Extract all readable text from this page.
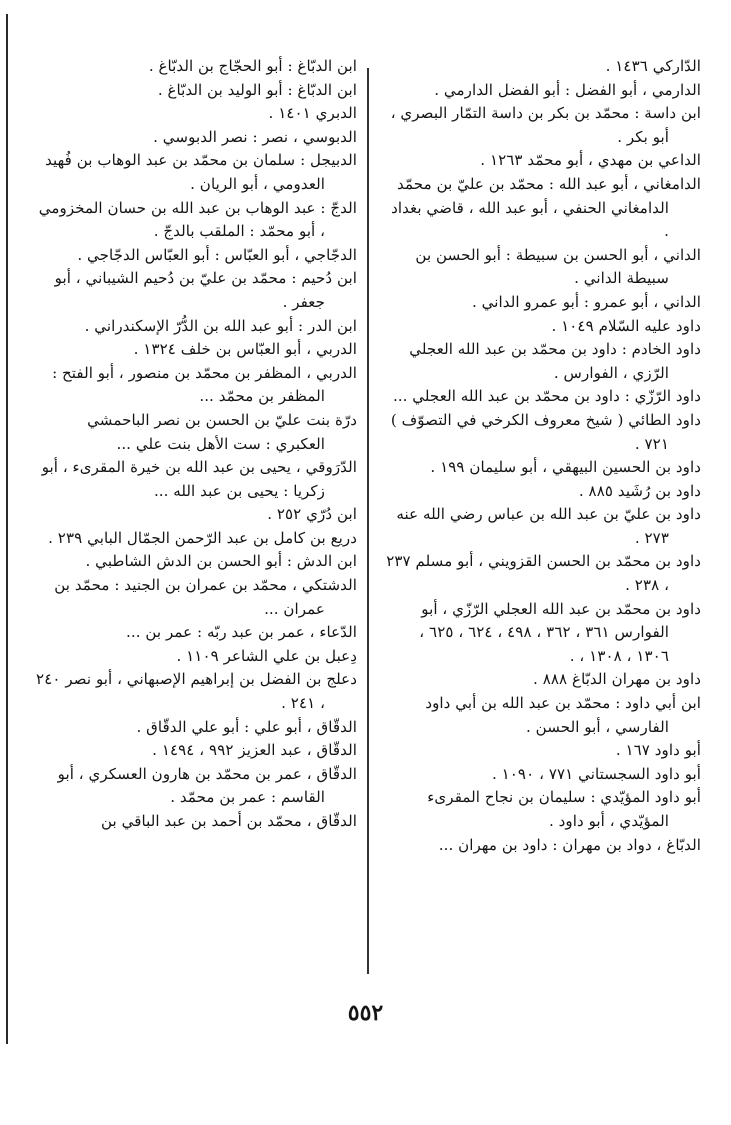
الدّاركي ١٤٣٦ .

الدارمي ، أبو الفضل : أبو الفضل الدارمي .

ابن داسة : محمّد بن بكر بن داسة التمّار البصري ، أبو بكر .

الداعي بن مهدي ، أبو محمّد ١٢٦٣ .

الدامغاني ، أبو عبد الله : محمّد بن عليّ بن محمّد الدامغاني الحنفي ، أبو عبد الله ، قاضي بغداد .

الداني ، أبو الحسن بن سبيطة : أبو الحسن بن سبيطة الداني .

الداني ، أبو عمرو : أبو عمرو الداني .

داود عليه السّلام ١٠٤٩ .

داود الخادم : داود بن محمّد بن عبد الله العجلي الرّزي ، الفوارس .

داود الرّزّي : داود بن محمّد بن عبد الله العجلي ...

داود الطائي ( شيخ معروف الكرخي في التصوّف ) ٧٢١ .

داود بن الحسين البيهقي ، أبو سليمان ١٩٩ .

داود بن رُشَيد ٨٨٥ .

داود بن عليّ بن عبد الله بن عباس رضي الله عنه ٢٧٣ .

داود بن محمّد بن الحسن القزويني ، أبو مسلم ٢٣٧ ، ٢٣٨ .

داود بن محمّد بن عبد الله العجلي الرّزّي ، أبو الفوارس ٣٦١ ، ٣٦٢ ، ٤٩٨ ، ٦٢٤ ، ٦٢٥ ، ١٣٠٦ ، ١٣٠٨ ، .

داود بن مهران الدبّاغ ٨٨٨ .

ابن أبي داود : محمّد بن عبد الله بن أبي داود الفارسي ، أبو الحسن .

أبو داود ١٦٧ .

أبو داود السجستاني ٧٧١ ، ١٠٩٠ .

أبو داود المؤيّدي : سليمان بن نجاح المقرىء المؤيّدي ، أبو داود .

الدبّاغ ، دواد بن مهران : داود بن مهران ...

ابن الدبّاغ : أبو الحجّاج بن الدبّاغ .

ابن الدبّاغ : أبو الوليد بن الدبّاغ .

الدبري ١٤٠١ .

الدبوسي ، نصر : نصر الدبوسي .

الدبيجل : سلمان بن محمّد بن عبد الوهاب بن فُهيد العدومي ، أبو الريان .

الدجّ : عبد الوهاب بن عبد الله بن حسان المخزومي ، أبو محمّد : الملقب بالدجّ .

الدجّاجي ، أبو العبّاس : أبو العبّاس الدجّاجي .

ابن دُحيم : محمّد بن عليّ بن دُحيم الشيباني ، أبو جعفر .

ابن الدر : أبو عبد الله بن الدُّرّ الإسكندراني .

الدربي ، أبو العبّاس بن خلف ١٣٢٤ .

الدربي ، المظفر بن محمّد بن منصور ، أبو الفتح : المظفر بن محمّد ...

درّة بنت عليّ بن الحسن بن نصر الباحمشي العكبري : ست الأهل بنت علي ...

الدّرَوقي ، يحيى بن عبد الله بن خيرة المقرىء ، أبو زكريا : يحيى بن عبد الله ...

ابن دُرّي ٢٥٢ .

دريع بن كامل بن عبد الرّحمن الجمّال البابي ٢٣٩ .

ابن الدش : أبو الحسن بن الدش الشاطبي .

الدشتكي ، محمّد بن عمران بن الجنيد : محمّد بن عمران ...

الدّعاء ، عمر بن عبد ربّه : عمر بن ...

دِعبل بن علي الشاعر ١١٠٩ .

دعلج بن الفضل بن إبراهيم الإصبهاني ، أبو نصر ٢٤٠ ، ٢٤١ .

الدقّاق ، أبو علي : أبو علي الدقّاق .

الدقّاق ، عبد العزيز ٩٩٢ ، ١٤٩٤ .

الدقّاق ، عمر بن محمّد بن هارون العسكري ، أبو القاسم : عمر بن محمّد .

الدقّاق ، محمّد بن أحمد بن عبد الباقي بن

٥٥٢
